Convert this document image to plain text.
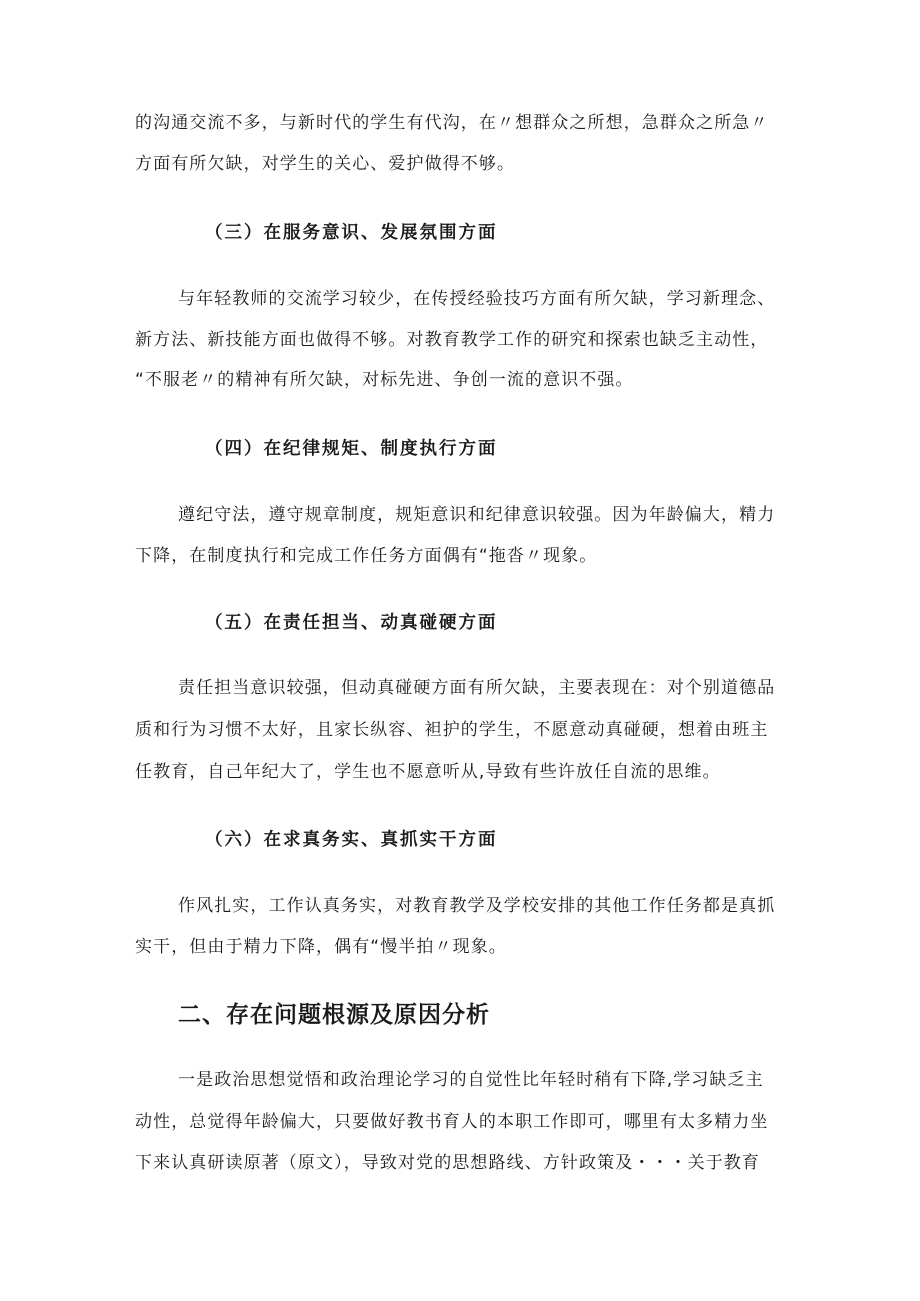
的沟通交流不多，与新时代的学生有代沟，在〃想群众之所想，急群众之所急〃
方面有所欠缺，对学生的关心、爱护做得不够。
（三）在服务意识、发展氛围方面
与年轻教师的交流学习较少，在传授经验技巧方面有所欠缺，学习新理念、
新方法、新技能方面也做得不够。对教育教学工作的研究和探索也缺乏主动性，
“不服老〃的精神有所欠缺，对标先进、争创一流的意识不强。
（四）在纪律规矩、制度执行方面
遵纪守法，遵守规章制度，规矩意识和纪律意识较强。因为年龄偏大，精力
下降，在制度执行和完成工作任务方面偶有“拖沓〃现象。
（五）在责任担当、动真碰硬方面
责任担当意识较强，但动真碰硬方面有所欠缺，主要表现在：对个别道德品
质和行为习惯不太好，且家长纵容、袒护的学生，不愿意动真碰硬，想着由班主
任教育，自己年纪大了，学生也不愿意听从,导致有些许放任自流的思维。
（六）在求真务实、真抓实干方面
作风扎实，工作认真务实，对教育教学及学校安排的其他工作任务都是真抓
实干，但由于精力下降，偶有“慢半拍〃现象。
二、存在问题根源及原因分析
一是政治思想觉悟和政治理论学习的自觉性比年轻时稍有下降,学习缺乏主
动性，总觉得年龄偏大，只要做好教书育人的本职工作即可，哪里有太多精力坐
下来认真研读原著（原文），导致对党的思想路线、方针政策及・・・关于教育
